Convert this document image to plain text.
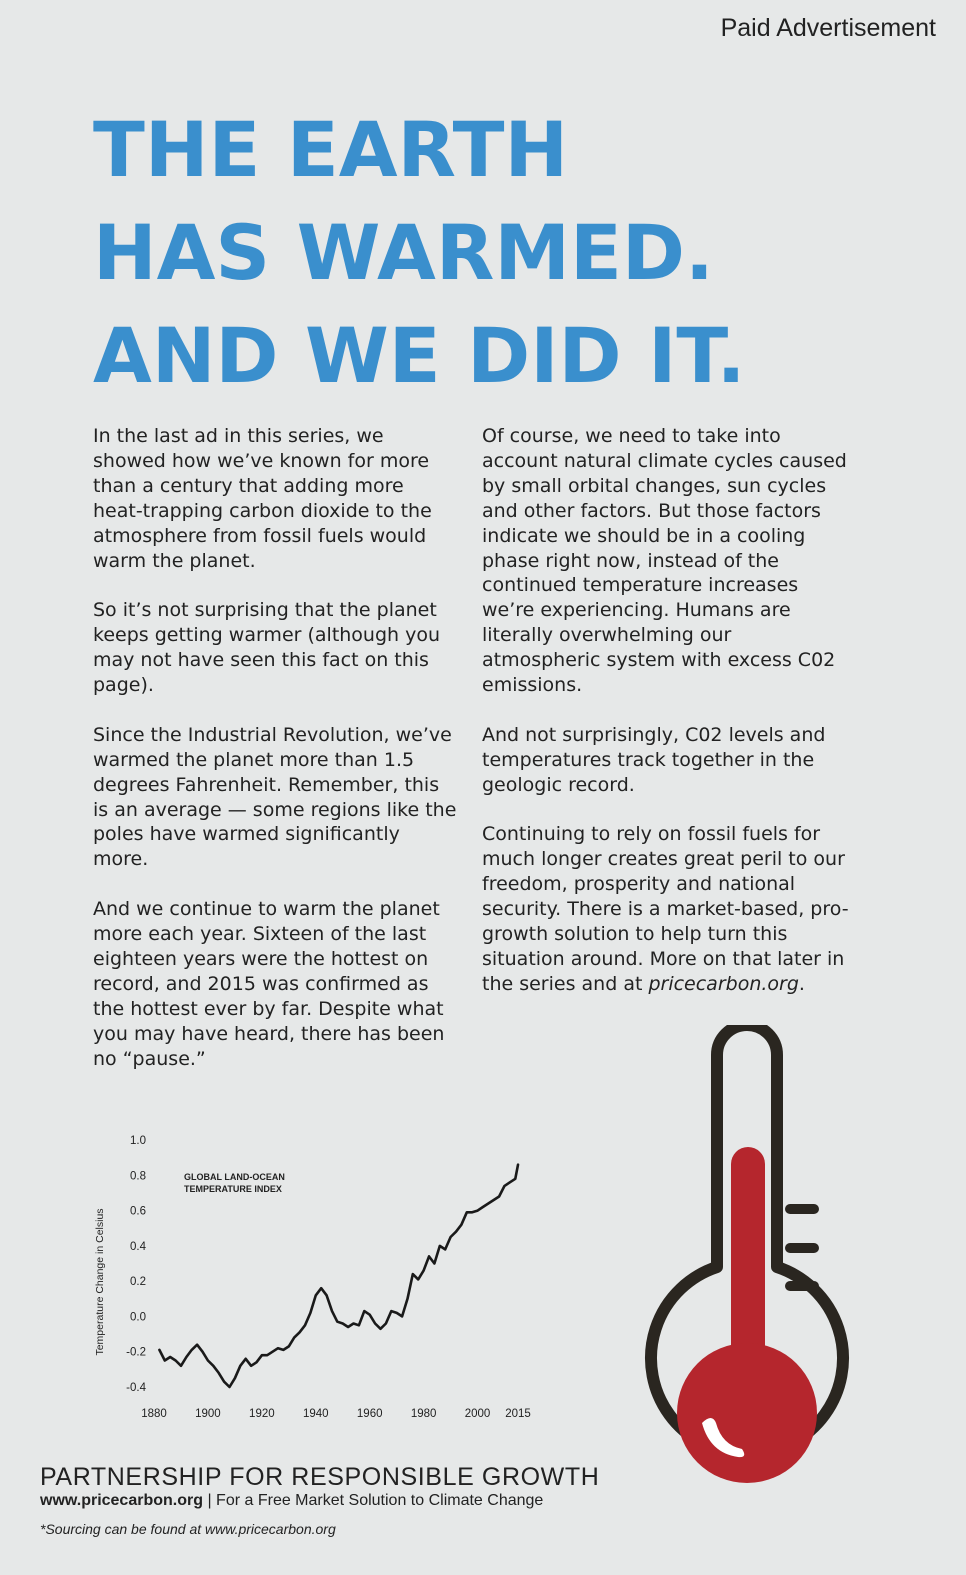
Paid Advertisement
THE EARTH
HAS WARMED.
AND WE DID IT.

In the last ad in this series, we showed how we’ve known for more than a century that adding more heat-trapping carbon dioxide to the atmosphere from fossil fuels would warm the planet.

So it’s not surprising that the planet keeps getting warmer (although you may not have seen this fact on this page).

Since the Industrial Revolution, we’ve warmed the planet more than 1.5 degrees Fahrenheit. Remember, this is an average — some regions like the poles have warmed significantly more.

And we continue to warm the planet more each year. Sixteen of the last eighteen years were the hottest on record, and 2015 was confirmed as the hottest ever by far. Despite what you may have heard, there has been no “pause.”

Of course, we need to take into account natural climate cycles caused by small orbital changes, sun cycles and other factors. But those factors indicate we should be in a cooling phase right now, instead of the continued temperature increases we’re experiencing. Humans are literally overwhelming our atmospheric system with excess C02 emissions.

And not surprisingly, C02 levels and temperatures track together in the geologic record.

Continuing to rely on fossil fuels for much longer creates great peril to our freedom, prosperity and national security. There is a market-based, pro-growth solution to help turn this situation around. More on that later in the series and at pricecarbon.org.

Temperature Change in Celsius
GLOBAL LAND-OCEAN
TEMPERATURE INDEX
1.0
0.8
0.6
0.4
0.2
0.0
-0.2
-0.4
1880 1900 1920 1940 1960 1980 2000 2015
PARTNERSHIP FOR RESPONSIBLE GROWTH
www.pricecarbon.org | For a Free Market Solution to Climate Change
*Sourcing can be found at www.pricecarbon.org
